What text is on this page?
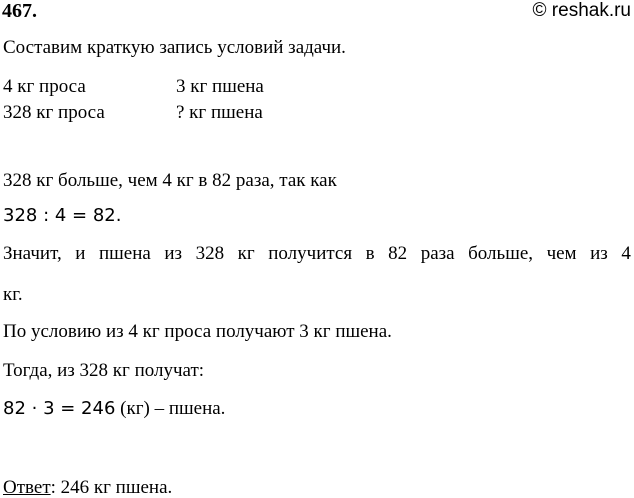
467.	© reshak.ru
Составим краткую запись условий задачи.
4 кг проса	3 кг пшена
328 кг проса	? кг пшена
328 кг больше, чем 4 кг в 82 раза, так как
328 : 4 = 82.
Значит, и пшена из 328 кг получится в 82 раза больше, чем из 4
кг.
По условию из 4 кг проса получают 3 кг пшена.
Тогда, из 328 кг получат:
82 · 3 = 246 (кг) – пшена.
Ответ: 246 кг пшена.
